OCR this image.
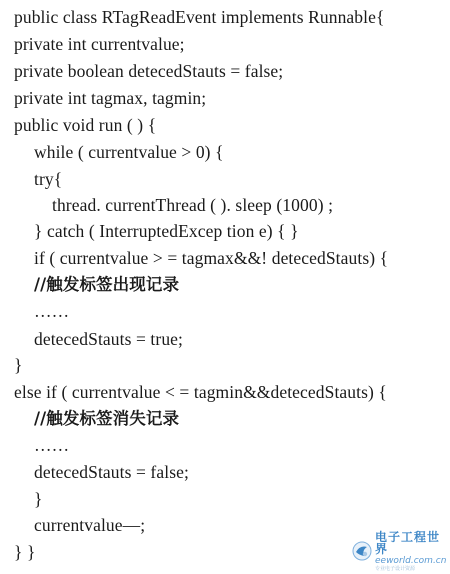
public class RTagReadEvent implements Runnable{
private int currentvalue;
private boolean detecedStauts = false;
private int tagmax, tagmin;
public void run ( ) {
while ( currentvalue > 0) {
try{
thread. currentThread ( ). sleep (1000) ;
} catch ( InterruptedExcep tion e) { }
if ( currentvalue > = tagmax&&! detecedStauts) {
//触发标签出现记录
……
detecedStauts = true;
}
else if ( currentvalue < = tagmin&&detecedStauts) {
//触发标签消失记录
……
detecedStauts = false;
}
currentvalue—;
} }
电子工程世界
eeworld.com.cn
专业电子设计资源
